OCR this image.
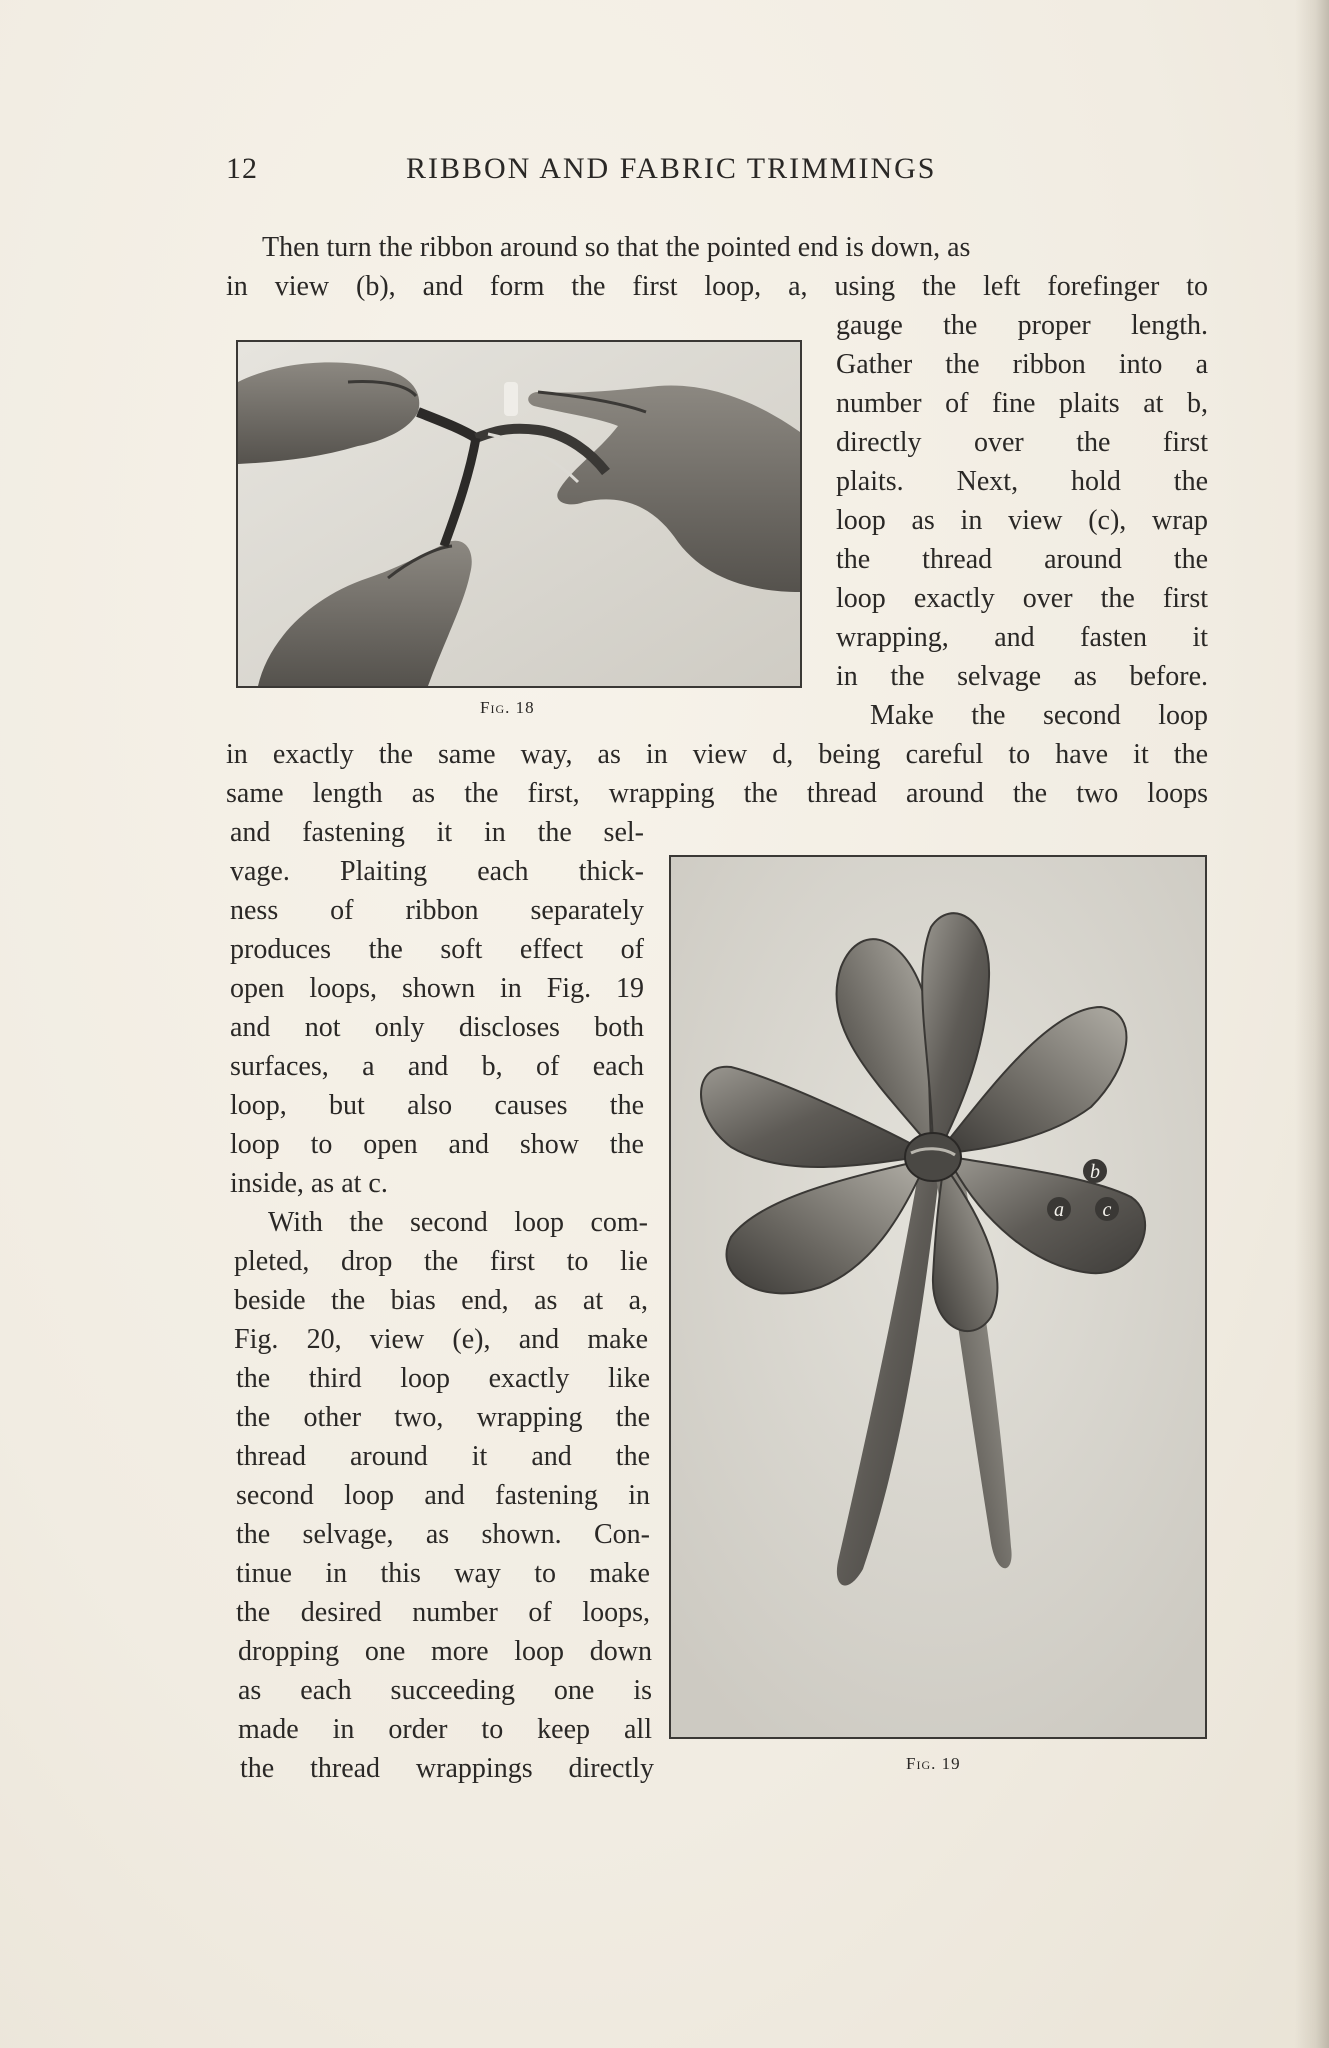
12	RIBBON AND FABRIC TRIMMINGS
Then turn the ribbon around so that the pointed end is down, as
in view (b), and form the first loop, a, using the left forefinger to
gauge the proper length.
Gather the ribbon into a
number of fine plaits at b,
directly over the first
plaits. Next, hold the
loop as in view (c), wrap
the thread around the
loop exactly over the first
wrapping, and fasten it
in the selvage as before.
Make the second loop
in exactly the same way, as in view d, being careful to have it the
same length as the first, wrapping the thread around the two loops
and fastening it in the sel-
vage. Plaiting each thick-
ness of ribbon separately
produces the soft effect of
open loops, shown in Fig. 19
and not only discloses both
surfaces, a and b, of each
loop, but also causes the
loop to open and show the
inside, as at c.
With the second loop com-
pleted, drop the first to lie
beside the bias end, as at a,
Fig. 20, view (e), and make
the third loop exactly like
the other two, wrapping the
thread around it and the
second loop and fastening in
the selvage, as shown. Con-
tinue in this way to make
the desired number of loops,
dropping one more loop down
as each succeeding one is
made in order to keep all
the thread wrappings directly
Fig. 18
b
a c
Fig. 19
